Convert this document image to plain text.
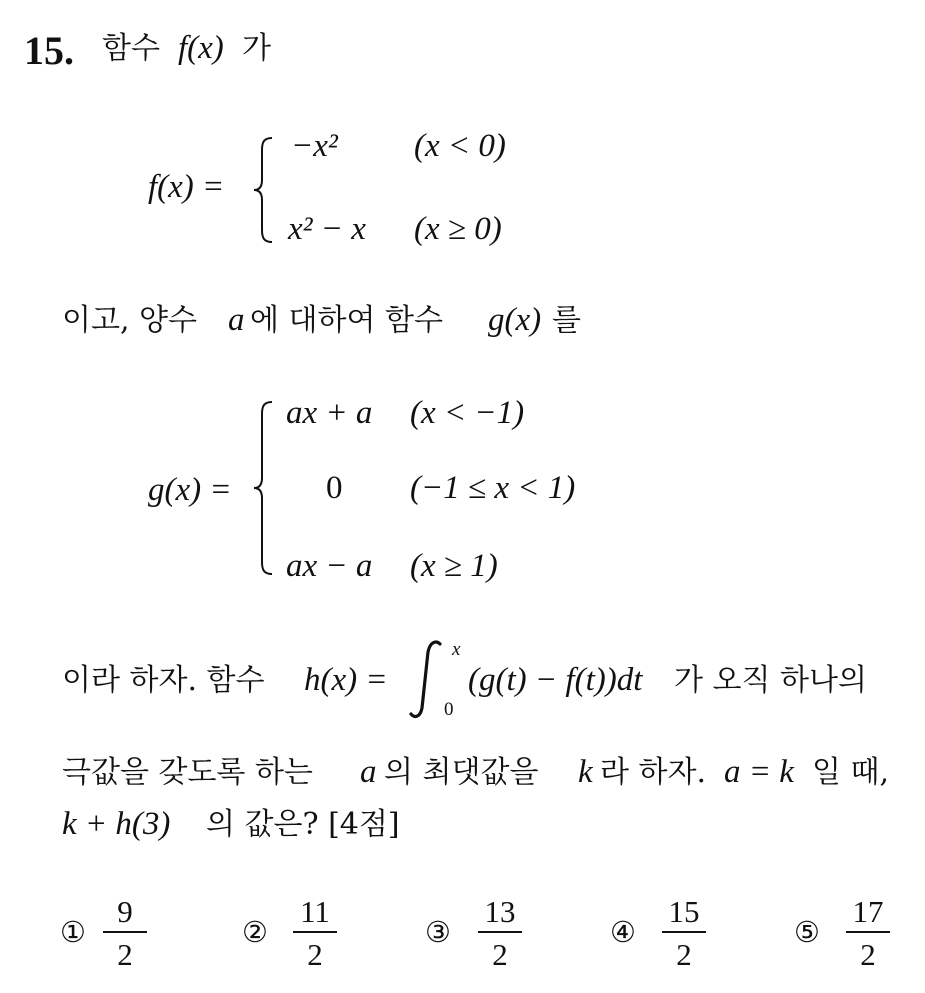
15. 함수 f(x) 가
f(x) =
−x² (x < 0)
x² − x (x ≥ 0)
이고, 양수 a 에 대하여 함수 g(x) 를
g(x) =
ax + a (x < −1)
0 (−1 ≤ x < 1)
ax − a (x ≥ 1)
이라 하자. 함수 h(x) =
x
0
(g(t) − f(t))dt 가 오직 하나의
극값을 갖도록 하는 a 의 최댓값을 k 라 하자. a = k 일 때,
k + h(3) 의 값은? [4점]
①
9
2
②
11
2
③
13
2
④
15
2
⑤
17
2
